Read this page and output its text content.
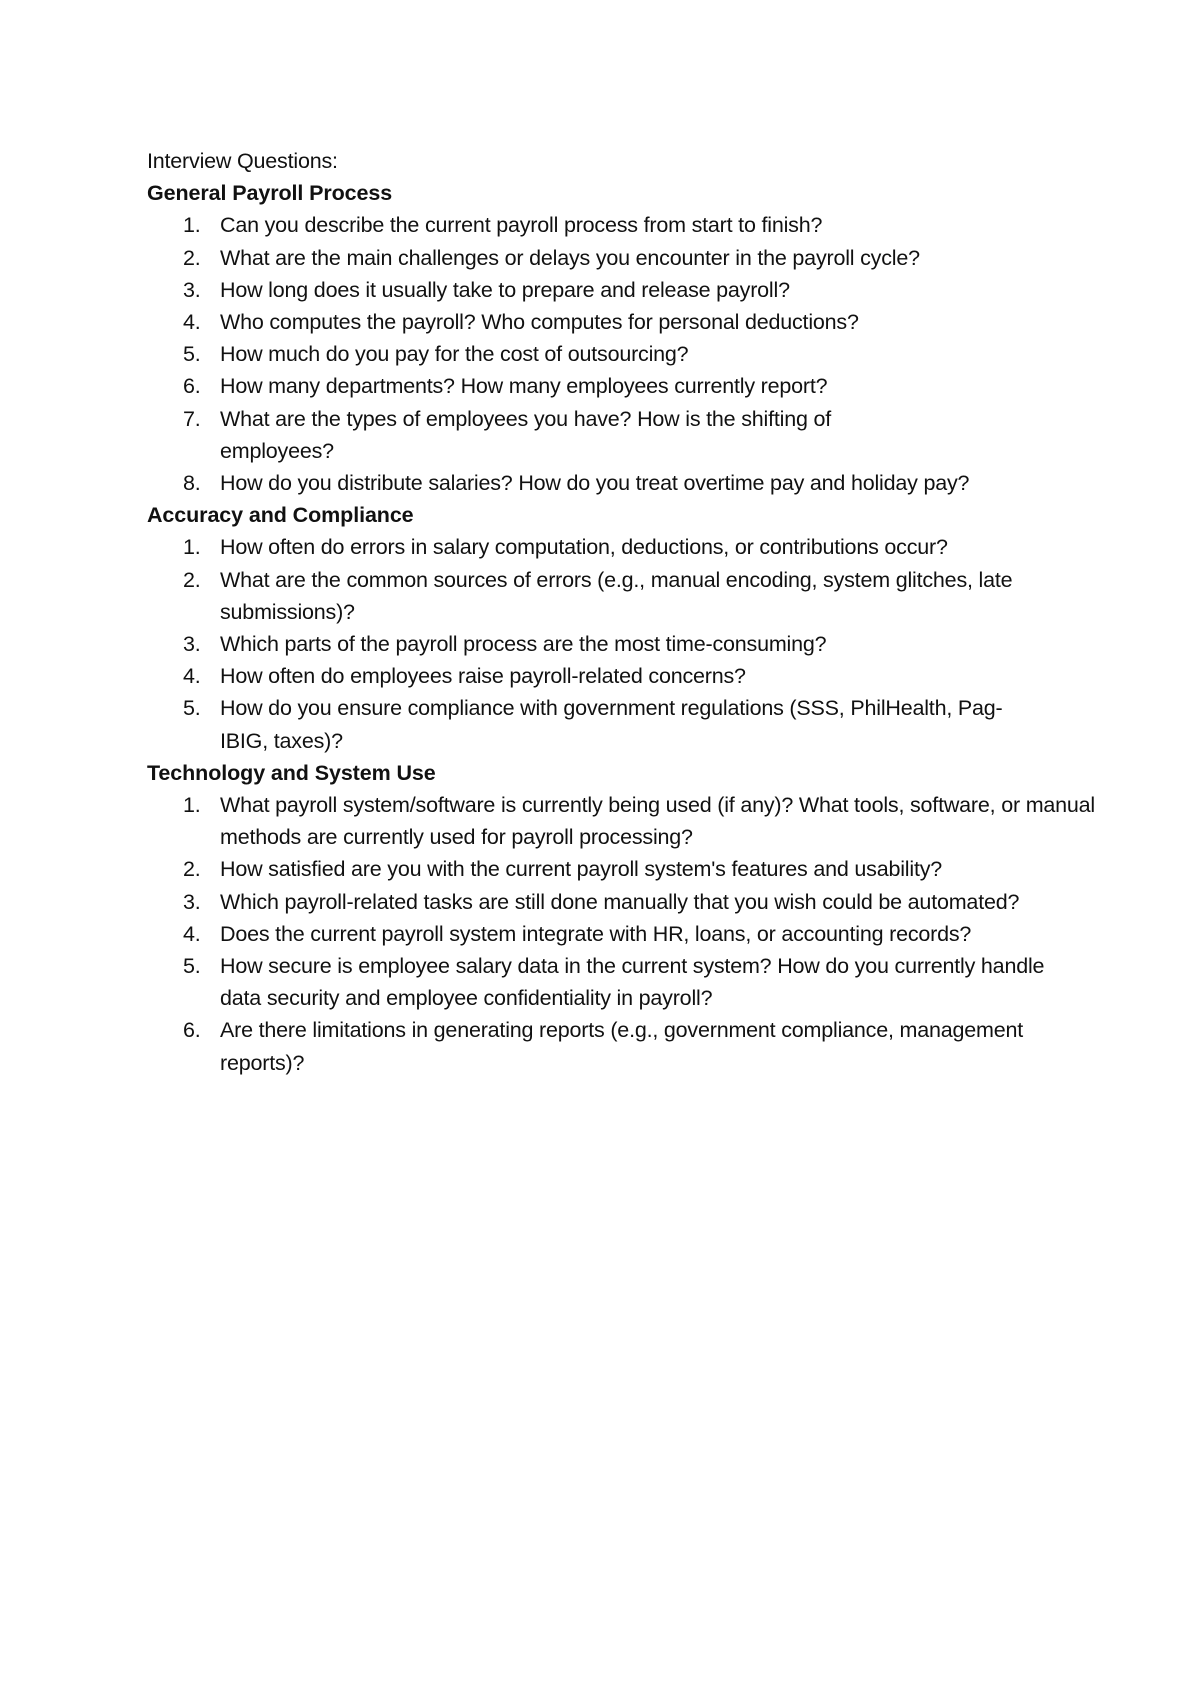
Interview Questions:
General Payroll Process
1. Can you describe the current payroll process from start to finish?
2. What are the main challenges or delays you encounter in the payroll cycle?
3. How long does it usually take to prepare and release payroll?
4. Who computes the payroll? Who computes for personal deductions?
5. How much do you pay for the cost of outsourcing?
6. How many departments? How many employees currently report?
7. What are the types of employees you have? How is the shifting of employees?
8. How do you distribute salaries? How do you treat overtime pay and holiday pay?
Accuracy and Compliance
1. How often do errors in salary computation, deductions, or contributions occur?
2. What are the common sources of errors (e.g., manual encoding, system glitches, late submissions)?
3. Which parts of the payroll process are the most time-consuming?
4. How often do employees raise payroll-related concerns?
5. How do you ensure compliance with government regulations (SSS, PhilHealth, Pag-IBIG, taxes)?
Technology and System Use
1. What payroll system/software is currently being used (if any)? What tools, software, or manual methods are currently used for payroll processing?
2. How satisfied are you with the current payroll system's features and usability?
3. Which payroll-related tasks are still done manually that you wish could be automated?
4. Does the current payroll system integrate with HR, loans, or accounting records?
5. How secure is employee salary data in the current system? How do you currently handle data security and employee confidentiality in payroll?
6. Are there limitations in generating reports (e.g., government compliance, management reports)?
